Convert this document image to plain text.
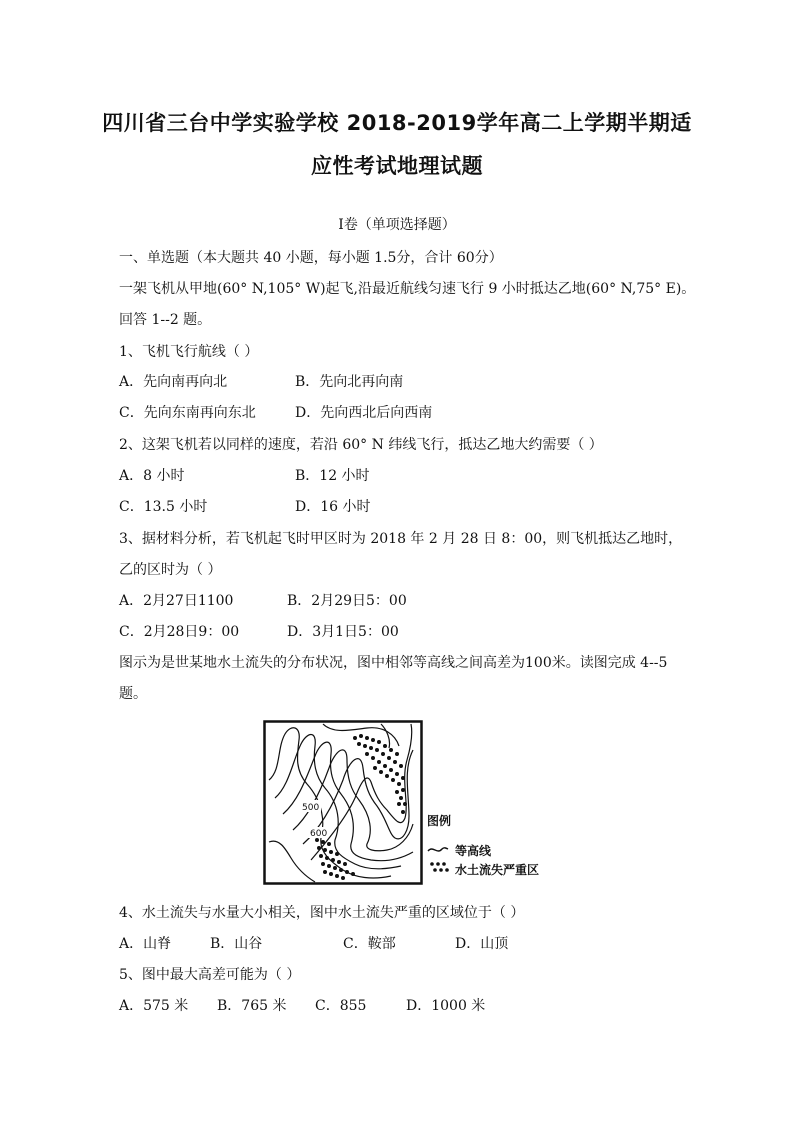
四川省三台中学实验学校 2018-2019学年高二上学期半期适
应性考试地理试题
Ⅰ卷（单项选择题）
一、单选题（本大题共 40 小题，每小题 1.5分，合计 60分）
一架飞机从甲地(60° N,105° W)起飞,沿最近航线匀速飞行 9 小时抵达乙地(60° N,75° E)。
回答 1--2 题。
1、飞机飞行航线（ ）
A．先向南再向北	B．先向北再向南
C．先向东南再向东北	D．先向西北后向西南
2、这架飞机若以同样的速度，若沿 60° N 纬线飞行，抵达乙地大约需要（ ）
A．8 小时	B．12 小时
C．13.5 小时	D．16 小时
3、据材料分析，若飞机起飞时甲区时为 2018 年 2 月 28 日 8：00，则飞机抵达乙地时，
乙的区时为（ ）
A．2月27日1100	B．2月29日5：00
C．2月28日9：00	D．3月1日5：00
图示为是世某地水土流失的分布状况，图中相邻等高线之间高差为100米。读图完成 4--5
题。
500
600
图例
等高线
水土流失严重区
4、水土流失与水量大小相关，图中水土流失严重的区域位于（ ）
A．山脊	B．山谷	C．鞍部	D．山顶
5、图中最大高差可能为（ ）
A．575 米 B．765 米 C．855	D．1000 米
